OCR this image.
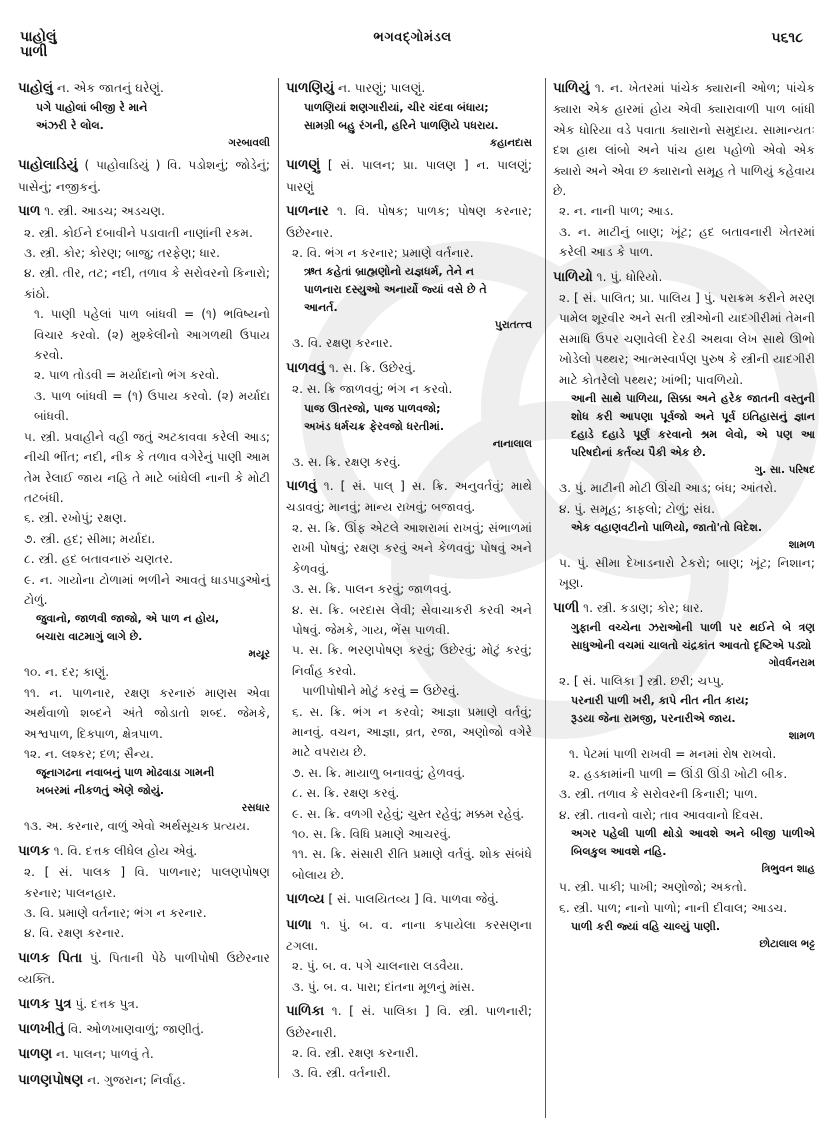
પાહોલું
પાળી
ભગવદ્ગોમંડલ	૫૬૧૮
પાહોલું ન. એક જાતનું ઘરેણું.
પગે પાહોલાં બીજી રે માને
અંઝરી રે લોલ.
ગરબાવલી
પાહોલાડિયું ( પાહોવાડિયું ) વિ. પડોશનું; જોડેનું; પાસેનું; નજીકનું.
પાળ ૧. સ્ત્રી. આડચ; અડચણ.
૨. સ્ત્રી. કોઈને દબાવીને પડાવાતી નાણાંની રકમ.
૩. સ્ત્રી. કોર; કોરણ; બાજુ; તરફેણ; ધાર.
૪. સ્ત્રી. તીર, તટ; નદી, તળાવ કે સરોવરનો કિનારો; કાંઠો.
૧. પાણી પહેલાં પાળ બાંધવી = (૧) ભવિષ્યનો વિચાર કરવો. (૨) મુશ્કેલીનો આગળથી ઉપાય કરવો.
૨. પાળ તોડવી = મર્યાદાનો ભંગ કરવો.
૩. પાળ બાંધવી = (૧) ઉપાય કરવો. (૨) મર્યાદા બાંધવી.
૫. સ્ત્રી. પ્રવાહીને વહી જતું અટકાવવા કરેલી આડ; નીચી ભીંત; નદી, નીક કે તળાવ વગેરેનું પાણી આમ તેમ રેલાઈ જાય નહિ તે માટે બાંધેલી નાની કે મોટી તટબંધી.
૬. સ્ત્રી. રખોપું; રક્ષણ.
૭. સ્ત્રી. હદ; સીમા; મર્યાદા.
૮. સ્ત્રી. હદ બતાવનારું ચણતર.
૯. ન. ગાયોના ટોળામાં ભળીને આવતું ધાડપાડુઓનું ટોળું.
જુવાનો, જાળવી જાજો, એ પાળ ન હોય,
બચારા વાટમાગું લાગે છે.
મયૂર
૧૦. ન. દર; કાણું.
૧૧. ન. પાળનાર, રક્ષણ કરનારું માણસ એવા અર્થવાળો શબ્દને અંતે જોડાતો શબ્દ. જેમકે, અશ્વપાળ, દિક્પાળ, ક્ષેત્રપાળ.
૧૨. ન. લશ્કર; દળ; સૈન્ય.
જૂનાગઢના નવાબનું પાળ મોઢવાડા ગામની
ખબરમાં નીકળતું એણે જોયું.
રસધાર
૧૩. અ. કરનાર, વાળું એવો અર્થસૂચક પ્રત્યય.
પાળક ૧. વિ. દત્તક લીધેલ હોય એવું.
૨. [ સં. પાલક ] વિ. પાળનાર; પાલણપોષણ કરનાર; પાલનહાર.
૩. વિ. પ્રમાણે વર્તનાર; ભંગ ન કરનાર.
૪. વિ. રક્ષણ કરનાર.
પાળક પિતા પું. પિતાની પેઠે પાળીપોષી ઉછેરનાર વ્યક્તિ.
પાળક પુત્ર પું. દત્તક પુત્ર.
પાળખીતું વિ. ઓળખાણવાળું; જાણીતું.
પાળણ ન. પાલન; પાળવું તે.
પાળણપોષણ ન. ગુજરાન; નિર્વાહ.
પાળણિયું ન. પારણું; પાલણું.
પાળણિયાં શણગારીયાં, ચીર ચંદવા બંધાય;
સામગ્રી બહુ રંગની, હરિને પાળણિયે પધરાય.
કહાનદાસ
પાળણું [ સં. પાલન; પ્રા. પાલણ ] ન. પાલણું; પારણું
પાળનાર ૧. વિ. પોષક; પાળક; પોષણ કરનાર; ઉછેરનાર.
૨. વિ. ભંગ ન કરનાર; પ્રમાણે વર્તનાર.
ઋત કહેતાં બ્રાહ્મણોનો યજ્ઞધર્મ, તેને ન
પાળનારા દસ્યુઓ અનાર્યો જ્યાં વસે છે તે
આનર્ત.
પુરાતત્ત્વ
૩. વિ. રક્ષણ કરનાર.
પાળવવું ૧. સ. ક્રિ. ઉછેરવું.
૨. સ. ક્રિ જાળવવું; ભંગ ન કરવો.
પાજ ઊતરજો, પાજ પાળવજો;
અખંડ ધર્મચક્ર ફેરવજો ધરતીમાં.
નાનાલાલ
૩. સ. ક્રિ. રક્ષણ કરવું.
પાળવું ૧. [ સં. પાલ્ ] સ. ક્રિ. અનુવર્તવું; માથે ચડાવવું; માનવું; માન્ય રાખવું; બજાવવું.
૨. સ. ક્રિ. ઊંફ એટલે આશરામાં રાખવું; સંભાળમાં રાખી પોષવું; રક્ષણ કરવું અને કેળવવું; પોષવું અને કેળવવું.
૩. સ. ક્રિ. પાલન કરવું; જાળવવું.
૪. સ. ક્રિ. બરદાસ લેવી; સેવાચાકરી કરવી અને પોષવું. જેમકે, ગાય, ભેંસ પાળવી.
૫. સ. ક્રિ. ભરણપોષણ કરવું; ઉછેરવું; મોટું કરવું; નિર્વાહ કરવો.
પાળીપોષીને મોટું કરવું = ઉછેરવું.
૬. સ. ક્રિ. ભંગ ન કરવો; આજ્ઞા પ્રમાણે વર્તવું; માનવું. વચન, આજ્ઞા, વ્રત, રજા, અણોજો વગેરે માટે વપરાય છે.
૭. સ. ક્રિ. માયાળુ બનાવવું; હેળવવું.
૮. સ. ક્રિ. રક્ષણ કરવું.
૯. સ. ક્રિ. વળગી રહેવું; ચુસ્ત રહેવું; મક્કમ રહેવું.
૧૦. સ. ક્રિ. વિધિ પ્રમાણે આચરવું.
૧૧. સ. ક્રિ. સંસારી રીતિ પ્રમાણે વર્તવું. શોક સંબંધે બોલાય છે.
પાળવ્ય [ સં. પાલયિતવ્ય ] વિ. પાળવા જેવું.
પાળા ૧. પું. બ. વ. નાના કપાયેલા કરસણના ટગલા.
૨. પું. બ. વ. પગે ચાલનારા લડવૈયા.
૩. પું. બ. વ. પારા; દાંતના મૂળનું માંસ.
પાળિકા ૧. [ સં. પાલિકા ] વિ. સ્ત્રી. પાળનારી; ઉછેરનારી.
૨. વિ. સ્ત્રી. રક્ષણ કરનારી.
૩. વિ. સ્ત્રી. વર્તનારી.
પાળિયું ૧. ન. ખેતરમાં પાંચેક ક્યારાની ઓળ; પાંચેક ક્યારા એક હારમાં હોય એવી ક્યારાવાળી પાળ બાંધી એક ધોરિયા વડે પવાતા ક્યારાનો સમુદાય. સામાન્યતઃ દશ હાથ લાંબો અને પાંચ હાથ પહોળો એવો એક ક્યારો અને એવા છ ક્યારાનો સમૂહ તે પાળિયું કહેવાય છે.
૨. ન. નાની પાળ; આડ.
૩. ન. માટીનું બાણ; ખૂંટ; હદ બતાવનારી ખેતરમાં કરેલી આડ કે પાળ.
પાળિયો ૧. પું. ધોરિયો.
૨. [ સં. પાલિત; પ્રા. પાલિય ] પું. પરાક્રમ કરીને મરણ પામેલ શૂરવીર અને સતી સ્ત્રીઓની યાદગીરીમાં તેમની સમાધિ ઉપર ચણાવેલી દેરડી અથવા લેખ સાથે ઊભો ખોડેલો પથ્થર; આત્મસ્વાર્પણ પુરુષ કે સ્ત્રીની યાદગીરી માટે કોતરેલો પથ્થર; ખાંભી; પાવળિયો.
આની સાથે પાળિયા, સિક્કા અને હરેક જાતની વસ્તુની શોધ કરી આપણા પૂર્વજો અને પૂર્વ ઇતિહાસનું જ્ઞાન દહાડે દહાડે પૂર્ણ કરવાનો શ્રમ લેવો, એ પણ આ પરિષદોનાં કર્તવ્ય પૈકી એક છે.
ગુ. સા. પરિષદ
૩. પું. માટીની મોટી ઊંચી આડ; બંધ; આંતરો.
૪. પું. સમૂહ; કાફલો; ટોળું; સંઘ.
એક વહાણવટીનો પાળિયો, જાતો'તો વિદેશ.
શામળ
૫. પું. સીમા દેખાડનારો ટેકરો; બાણ; ખૂંટ; નિશાન; ખૂણ.
પાળી ૧. સ્ત્રી. કડાણ; કોર; ધાર.
ગુફાની વચ્ચેના ઝરાઓની પાળી પર થઈને બે ત્રણ સાધુઓની વચમાં ચાલતો ચંદ્રકાંત આવતો દૃષ્ટિએ પડ્યો
ગોવર્ધનરામ
૨. [ સં. પાલિકા ] સ્ત્રી. છરી; ચપ્પુ.
પરનારી પાળી ખરી, કાપે નીત નીત કાય;
રૂડયા જેના રામજી, પરનારીએ જાય.
શામળ
૧. પેટમાં પાળી રાખવી = મનમાં રોષ રાખવો.
૨. હડકામાંની પાળી = ઊંડી ઊંડી ખોટી બીક.
૩. સ્ત્રી. તળાવ કે સરોવરની કિનારી; પાળ.
૪. સ્ત્રી. તાવનો વારો; તાવ આવવાનો દિવસ.
અગર પહેલી પાળી થોડો આવશે અને બીજી પાળીએ બિલકુલ આવશે નહિ.
ત્રિભુવન શાહ
૫. સ્ત્રી. પાકી; પાખી; અણોજો; અકતો.
૬. સ્ત્રી. પાળ; નાનો પાળો; નાની દીવાલ; આડચ.
પાળી કરી જ્યાં વહિ ચાલ્યું પાણી.
છોટાલાલ ભટ્ટ
